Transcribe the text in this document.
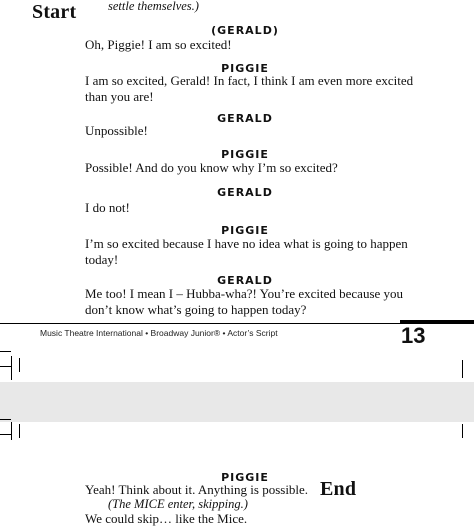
Start	settle themselves.)
(GERALD)
Oh, Piggie! I am so excited!
PIGGIE
I am so excited, Gerald! In fact, I think I am even more excited than you are!
GERALD
Unpossible!
PIGGIE
Possible! And do you know why I’m so excited?
GERALD
I do not!
PIGGIE
I’m so excited because I have no idea what is going to happen today!
GERALD
Me too! I mean I – Hubba-wha?! You’re excited because you don’t know what’s going to happen today?
Music Theatre International • Broadway Junior® • Actor’s Script	13
PIGGIE
Yeah! Think about it. Anything is possible.
(The MICE enter, skipping.)
We could skip… like the Mice.
End
